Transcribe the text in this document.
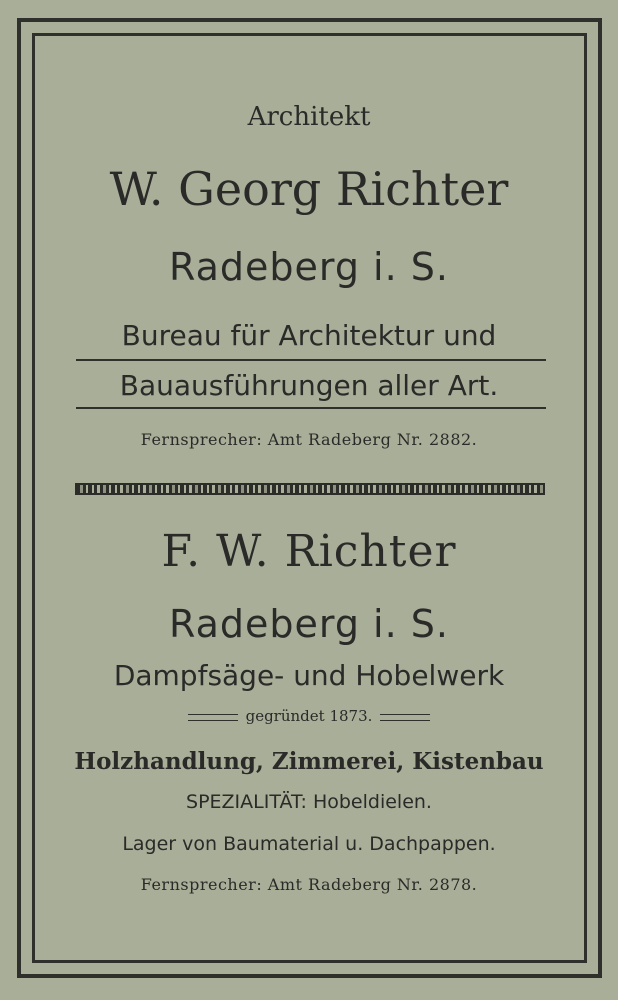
Architekt
W. Georg Richter
Radeberg i. S.
Bureau für Architektur und
Bauausführungen aller Art.
Fernsprecher: Amt Radeberg Nr. 2882.
F. W. Richter
Radeberg i. S.
Dampfsäge- und Hobelwerk
gegründet 1873.
Holzhandlung, Zimmerei, Kistenbau
SPEZIALITÄT: Hobeldielen.
Lager von Baumaterial u. Dachpappen.
Fernsprecher: Amt Radeberg Nr. 2878.
